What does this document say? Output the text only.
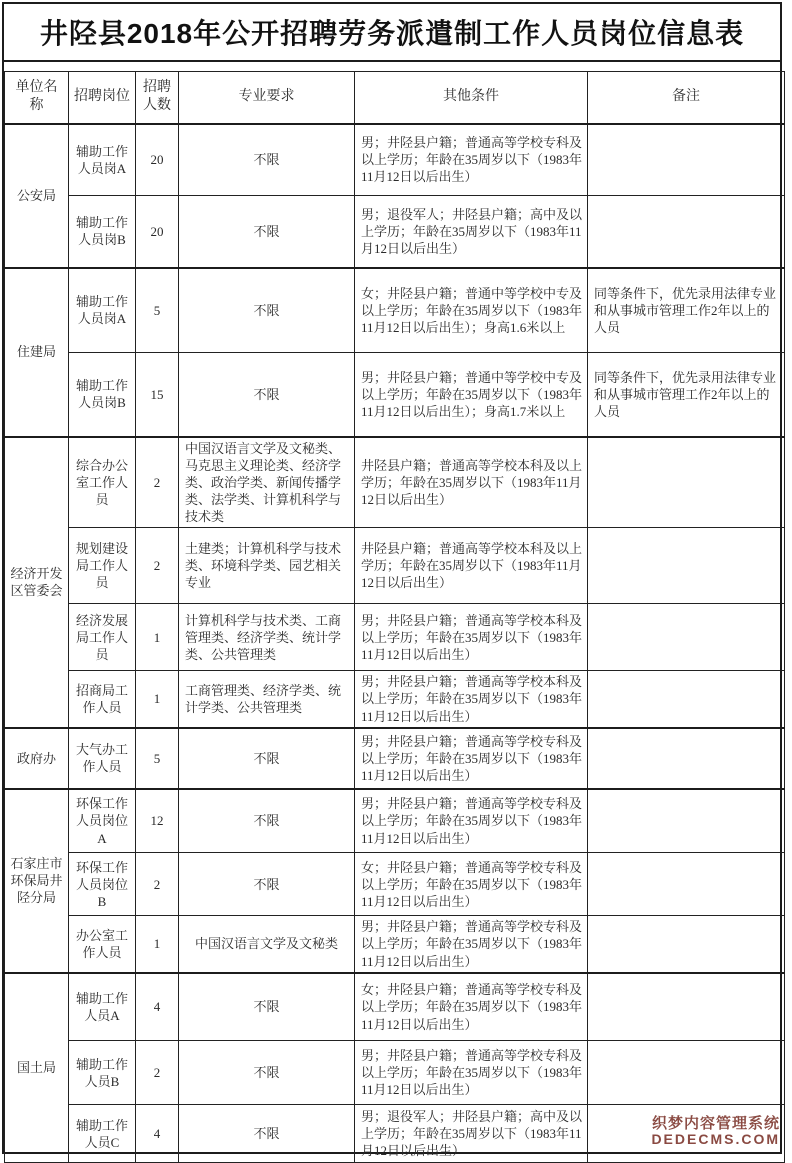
井陉县2018年公开招聘劳务派遣制工作人员岗位信息表
单位名称	招聘岗位	招聘人数	专业要求	其他条件	备注
公安局	辅助工作人员岗A	20	不限	男；井陉县户籍；普通高等学校专科及以上学历；年龄在35周岁以下（1983年11月12日以后出生）	
	辅助工作人员岗B	20	不限	男；退役军人；井陉县户籍；高中及以上学历；年龄在35周岁以下（1983年11月12日以后出生）	
住建局	辅助工作人员岗A	5	不限	女；井陉县户籍；普通中等学校中专及以上学历；年龄在35周岁以下（1983年11月12日以后出生）；身高1.6米以上	同等条件下，优先录用法律专业和从事城市管理工作2年以上的人员
	辅助工作人员岗B	15	不限	男；井陉县户籍；普通中等学校中专及以上学历；年龄在35周岁以下（1983年11月12日以后出生）；身高1.7米以上	同等条件下，优先录用法律专业和从事城市管理工作2年以上的人员
经济开发区管委会	综合办公室工作人员	2	中国汉语言文学及文秘类、马克思主义理论类、经济学类、政治学类、新闻传播学类、法学类、计算机科学与技术类	井陉县户籍；普通高等学校本科及以上学历；年龄在35周岁以下（1983年11月12日以后出生）	
	规划建设局工作人员	2	土建类；计算机科学与技术类、环境科学类、园艺相关专业	井陉县户籍；普通高等学校本科及以上学历；年龄在35周岁以下（1983年11月12日以后出生）	
	经济发展局工作人员	1	计算机科学与技术类、工商管理类、经济学类、统计学类、公共管理类	男；井陉县户籍；普通高等学校本科及以上学历；年龄在35周岁以下（1983年11月12日以后出生）	
	招商局工作人员	1	工商管理类、经济学类、统计学类、公共管理类	男；井陉县户籍；普通高等学校本科及以上学历；年龄在35周岁以下（1983年11月12日以后出生）	
政府办	大气办工作人员	5	不限	男；井陉县户籍；普通高等学校专科及以上学历；年龄在35周岁以下（1983年11月12日以后出生）	
石家庄市环保局井陉分局	环保工作人员岗位A	12	不限	男；井陉县户籍；普通高等学校专科及以上学历；年龄在35周岁以下（1983年11月12日以后出生）	
	环保工作人员岗位B	2	不限	女；井陉县户籍；普通高等学校专科及以上学历；年龄在35周岁以下（1983年11月12日以后出生）	
	办公室工作人员	1	中国汉语言文学及文秘类	男；井陉县户籍；普通高等学校专科及以上学历；年龄在35周岁以下（1983年11月12日以后出生）	
国土局	辅助工作人员A	4	不限	女；井陉县户籍；普通高等学校专科及以上学历；年龄在35周岁以下（1983年11月12日以后出生）	
	辅助工作人员B	2	不限	男；井陉县户籍；普通高等学校专科及以上学历；年龄在35周岁以下（1983年11月12日以后出生）	
	辅助工作人员C	4	不限	男；退役军人；井陉县户籍；高中及以上学历；年龄在35周岁以下（1983年11月12日以后出生）	
织梦内容管理系统
DEDECMS.COM
